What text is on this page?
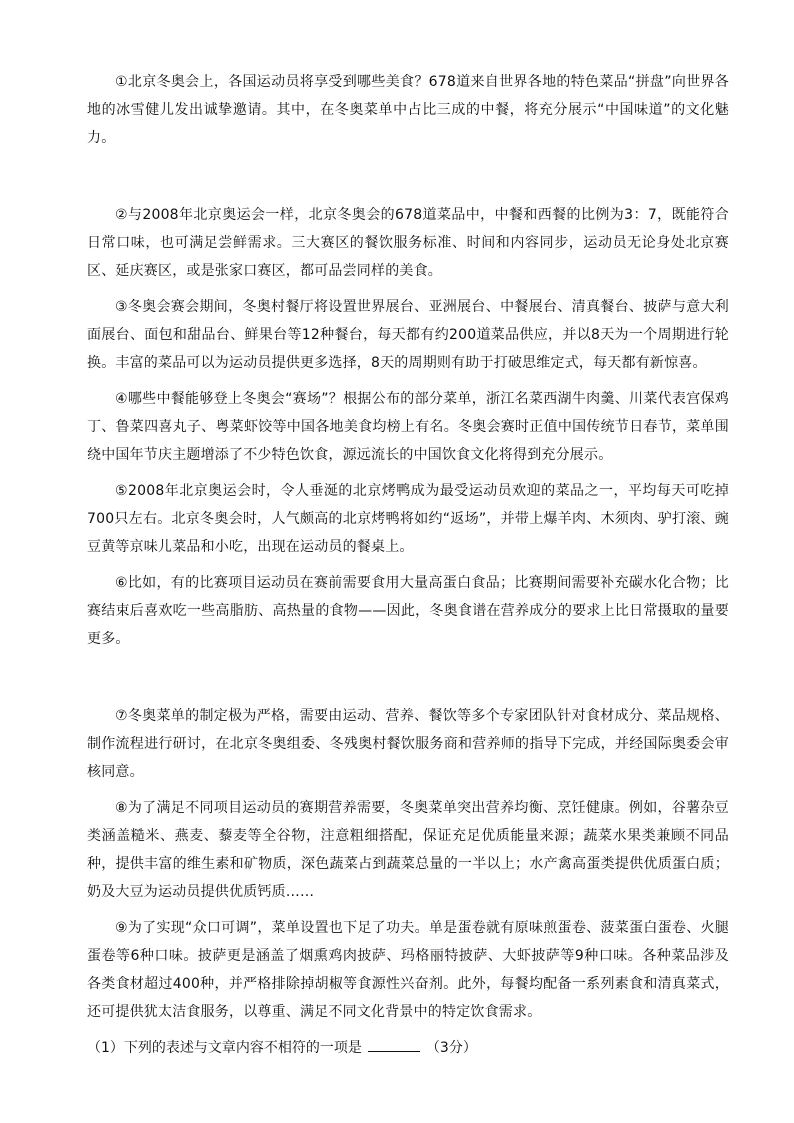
①北京冬奥会上，各国运动员将享受到哪些美食？678道来自世界各地的特色菜品“拼盘”向世界各地的冰雪健儿发出诚挚邀请。其中，在冬奥菜单中占比三成的中餐，将充分展示“中国味道”的文化魅力。

②与2008年北京奥运会一样，北京冬奥会的678道菜品中，中餐和西餐的比例为3：7，既能符合日常口味，也可满足尝鲜需求。三大赛区的餐饮服务标准、时间和内容同步，运动员无论身处北京赛区、延庆赛区，或是张家口赛区，都可品尝同样的美食。

③冬奥会赛会期间，冬奥村餐厅将设置世界展台、亚洲展台、中餐展台、清真餐台、披萨与意大利面展台、面包和甜品台、鲜果台等12种餐台，每天都有约200道菜品供应，并以8天为一个周期进行轮换。丰富的菜品可以为运动员提供更多选择，8天的周期则有助于打破思维定式，每天都有新惊喜。

④哪些中餐能够登上冬奥会“赛场”？根据公布的部分菜单，浙江名菜西湖牛肉羹、川菜代表宫保鸡丁、鲁菜四喜丸子、粤菜虾饺等中国各地美食均榜上有名。冬奥会赛时正值中国传统节日春节，菜单围绕中国年节庆主题增添了不少特色饮食，源远流长的中国饮食文化将得到充分展示。

⑤2008年北京奥运会时，令人垂涎的北京烤鸭成为最受运动员欢迎的菜品之一，平均每天可吃掉700只左右。北京冬奥会时，人气颇高的北京烤鸭将如约“返场”，并带上爆羊肉、木须肉、驴打滚、豌豆黄等京味儿菜品和小吃，出现在运动员的餐桌上。

⑥比如，有的比赛项目运动员在赛前需要食用大量高蛋白食品；比赛期间需要补充碳水化合物；比赛结束后喜欢吃一些高脂肪、高热量的食物——因此，冬奥食谱在营养成分的要求上比日常摄取的量要更多。

⑦冬奥菜单的制定极为严格，需要由运动、营养、餐饮等多个专家团队针对食材成分、菜品规格、制作流程进行研讨，在北京冬奥组委、冬残奥村餐饮服务商和营养师的指导下完成，并经国际奥委会审核同意。

⑧为了满足不同项目运动员的赛期营养需要，冬奥菜单突出营养均衡、烹饪健康。例如，谷薯杂豆类涵盖糙米、燕麦、藜麦等全谷物，注意粗细搭配，保证充足优质能量来源；蔬菜水果类兼顾不同品种，提供丰富的维生素和矿物质，深色蔬菜占到蔬菜总量的一半以上；水产禽高蛋类提供优质蛋白质；奶及大豆为运动员提供优质钙质……

⑨为了实现“众口可调”，菜单设置也下足了功夫。单是蛋卷就有原味煎蛋卷、菠菜蛋白蛋卷、火腿蛋卷等6种口味。披萨更是涵盖了烟熏鸡肉披萨、玛格丽特披萨、大虾披萨等9种口味。各种菜品涉及各类食材超过400种，并严格排除掉胡椒等食源性兴奋剂。此外，每餐均配备一系列素食和清真菜式，还可提供犹太洁食服务，以尊重、满足不同文化背景中的特定饮食需求。

（1）下列的表述与文章内容不相符的一项是	（3分）
